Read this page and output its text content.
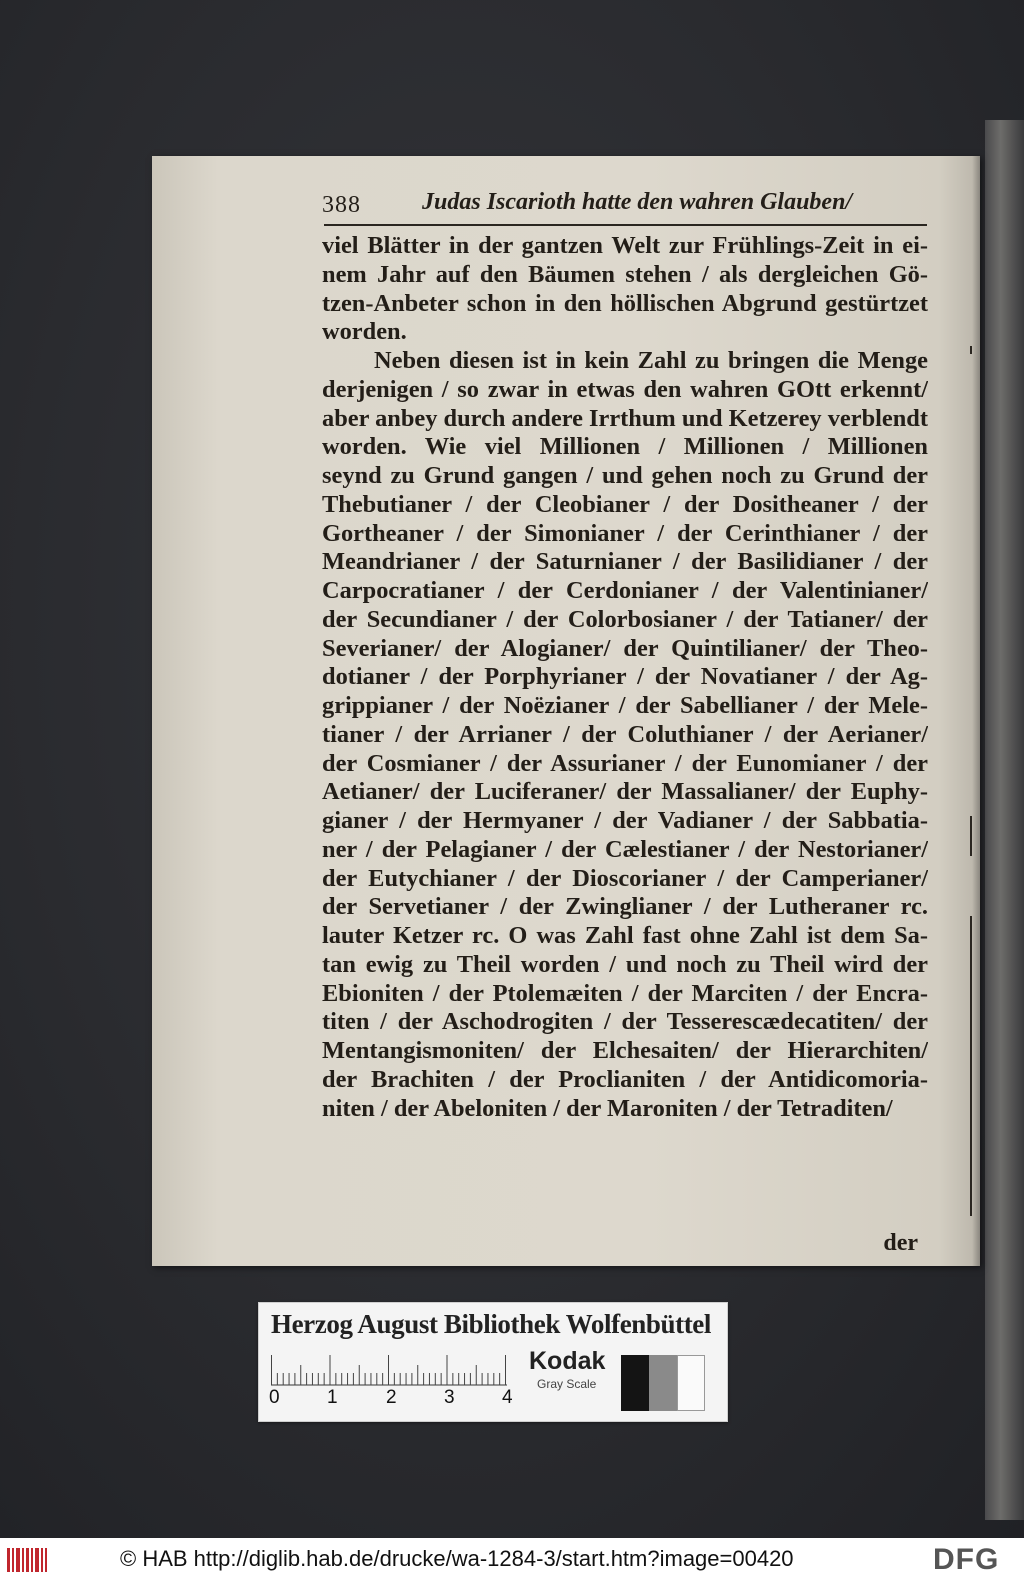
388	Judas Iscarioth hatte den wahren Glauben/
viel Blätter in der gantzen Welt zur Frühlings-Zeit in ei-
nem Jahr auf den Bäumen stehen / als dergleichen Gö-
tzen-Anbeter schon in den höllischen Abgrund gestürtzet
worden.
Neben diesen ist in kein Zahl zu bringen die Menge
derjenigen / so zwar in etwas den wahren GOtt erkennt/
aber anbey durch andere Irrthum und Ketzerey verblendt
worden. Wie viel Millionen / Millionen / Millionen
seynd zu Grund gangen / und gehen noch zu Grund der
Thebutianer / der Cleobianer / der Dositheaner / der
Gortheaner / der Simonianer / der Cerinthianer / der
Meandrianer / der Saturnianer / der Basilidianer / der
Carpocratianer / der Cerdonianer / der Valentinianer/
der Secundianer / der Colorbosianer / der Tatianer/ der
Severianer/ der Alogianer/ der Quintilianer/ der Theo-
dotianer / der Porphyrianer / der Novatianer / der Ag-
grippianer / der Noëzianer / der Sabellianer / der Mele-
tianer / der Arrianer / der Coluthianer / der Aerianer/
der Cosmianer / der Assurianer / der Eunomianer / der
Aetianer/ der Luciferaner/ der Massalianer/ der Euphy-
gianer / der Hermyaner / der Vadianer / der Sabbatia-
ner / der Pelagianer / der Cælestianer / der Nestorianer/
der Eutychianer / der Dioscorianer / der Camperianer/
der Servetianer / der Zwinglianer / der Lutheraner rc.
lauter Ketzer rc. O was Zahl fast ohne Zahl ist dem Sa-
tan ewig zu Theil worden / und noch zu Theil wird der
Ebioniten / der Ptolemæiten / der Marciten / der Encra-
titen / der Aschodrogiten / der Tesserescædecatiten/ der
Mentangismoniten/ der Elchesaiten/ der Hierarchiten/
der Brachiten / der Proclianiten / der Antidicomoria-
niten / der Abeloniten / der Maroniten / der Tetraditen/
der
Herzog August Bibliothek Wolfenbüttel
0 1	2 3 4
Kodak
Gray Scale
© HAB http://diglib.hab.de/drucke/wa-1284-3/start.htm?image=00420	DFG
